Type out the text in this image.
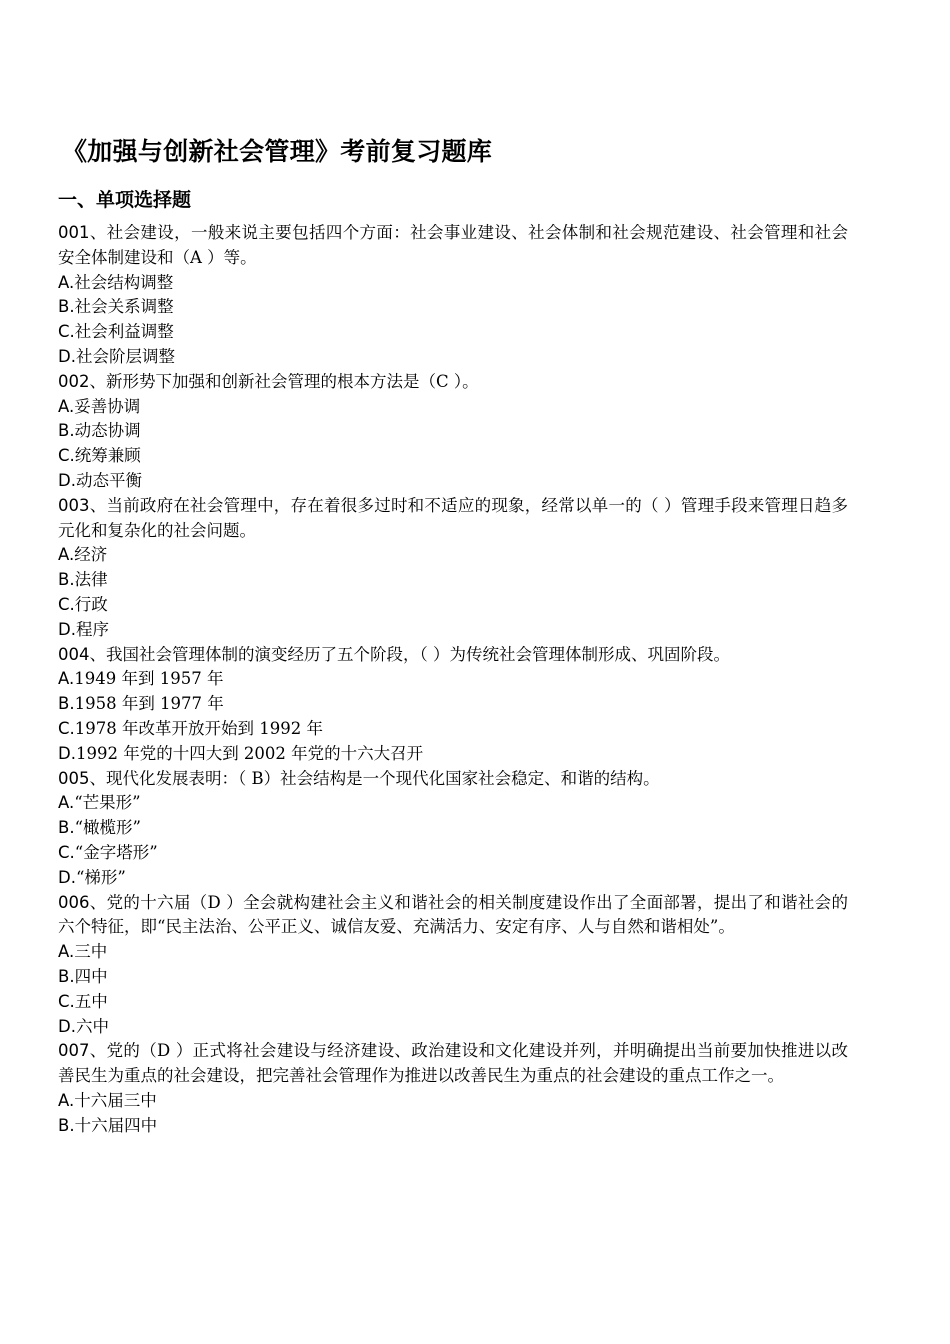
《加强与创新社会管理》考前复习题库
一、单项选择题

001、社会建设，一般来说主要包括四个方面：社会事业建设、社会体制和社会规范建设、社会管理和社会安全体制建设和（A ）等。

A.社会结构调整

B.社会关系调整

C.社会利益调整

D.社会阶层调整

002、新形势下加强和创新社会管理的根本方法是（C ）。

A.妥善协调

B.动态协调

C.统筹兼顾

D.动态平衡

003、当前政府在社会管理中，存在着很多过时和不适应的现象，经常以单一的（ ）管理手段来管理日趋多元化和复杂化的社会问题。

A.经济

B.法律

C.行政

D.程序

004、我国社会管理体制的演变经历了五个阶段，（ ）为传统社会管理体制形成、巩固阶段。

A.1949 年到 1957 年

B.1958 年到 1977 年

C.1978 年改革开放开始到 1992 年

D.1992 年党的十四大到 2002 年党的十六大召开

005、现代化发展表明：（ B）社会结构是一个现代化国家社会稳定、和谐的结构。

A.“芒果形”

B.“橄榄形”

C.“金字塔形”

D.“梯形”

006、党的十六届（D ）全会就构建社会主义和谐社会的相关制度建设作出了全面部署，提出了和谐社会的六个特征，即“民主法治、公平正义、诚信友爱、充满活力、安定有序、人与自然和谐相处”。

A.三中

B.四中

C.五中

D.六中

007、党的（D ）正式将社会建设与经济建设、政治建设和文化建设并列，并明确提出当前要加快推进以改善民生为重点的社会建设，把完善社会管理作为推进以改善民生为重点的社会建设的重点工作之一。

A.十六届三中

B.十六届四中
